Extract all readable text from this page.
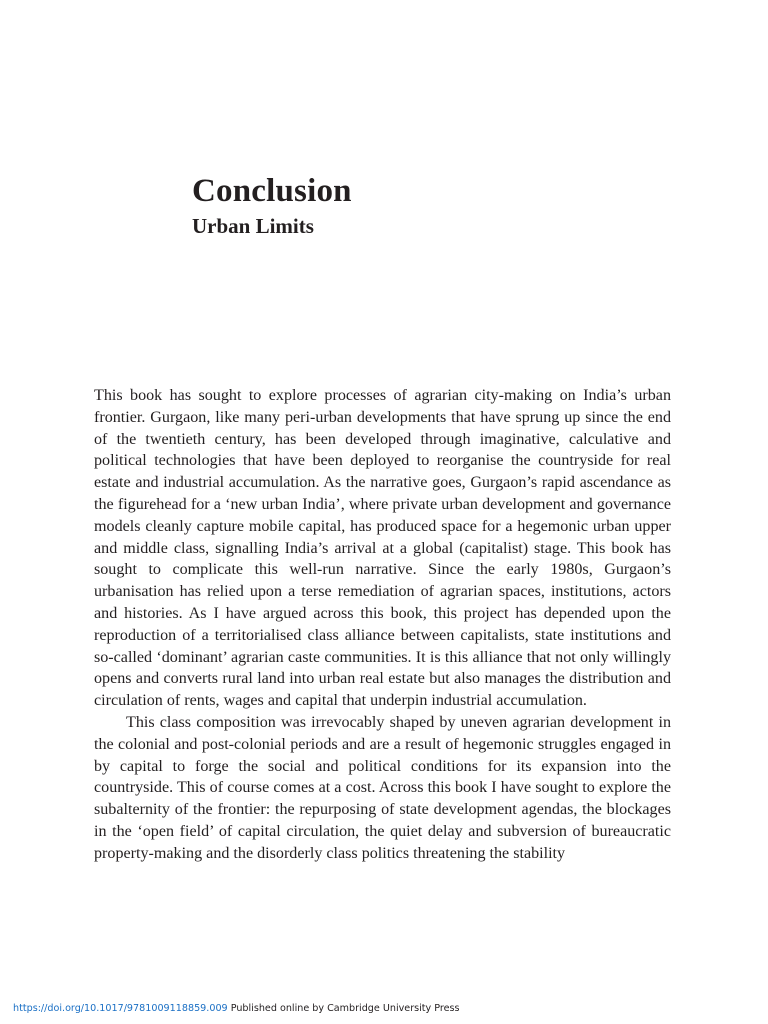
Conclusion
Urban Limits

This book has sought to explore processes of agrarian city-making on India’s urban frontier. Gurgaon, like many peri-urban developments that have sprung up since the end of the twentieth century, has been developed through imaginative, calculative and political technologies that have been deployed to reorganise the countryside for real estate and industrial accumulation. As the narrative goes, Gurgaon’s rapid ascendance as the figurehead for a ‘new urban India’, where private urban development and governance models cleanly capture mobile capital, has produced space for a hegemonic urban upper and middle class, signalling India’s arrival at a global (capitalist) stage. This book has sought to complicate this well-run narrative. Since the early 1980s, Gurgaon’s urbanisation has relied upon a terse remediation of agrarian spaces, institutions, actors and histories. As I have argued across this book, this project has depended upon the reproduction of a territorialised class alliance between capitalists, state institutions and so-called ‘dominant’ agrarian caste communities. It is this alliance that not only willingly opens and converts rural land into urban real estate but also manages the distribution and circulation of rents, wages and capital that underpin industrial accumulation.

This class composition was irrevocably shaped by uneven agrarian development in the colonial and post-colonial periods and are a result of hegemonic struggles engaged in by capital to forge the social and political conditions for its expansion into the countryside. This of course comes at a cost. Across this book I have sought to explore the subalternity of the frontier: the repurposing of state development agendas, the blockages in the ‘open field’ of capital circulation, the quiet delay and subversion of bureaucratic property-making and the disorderly class politics threatening the stability

https://doi.org/10.1017/9781009118859.009 Published online by Cambridge University Press
